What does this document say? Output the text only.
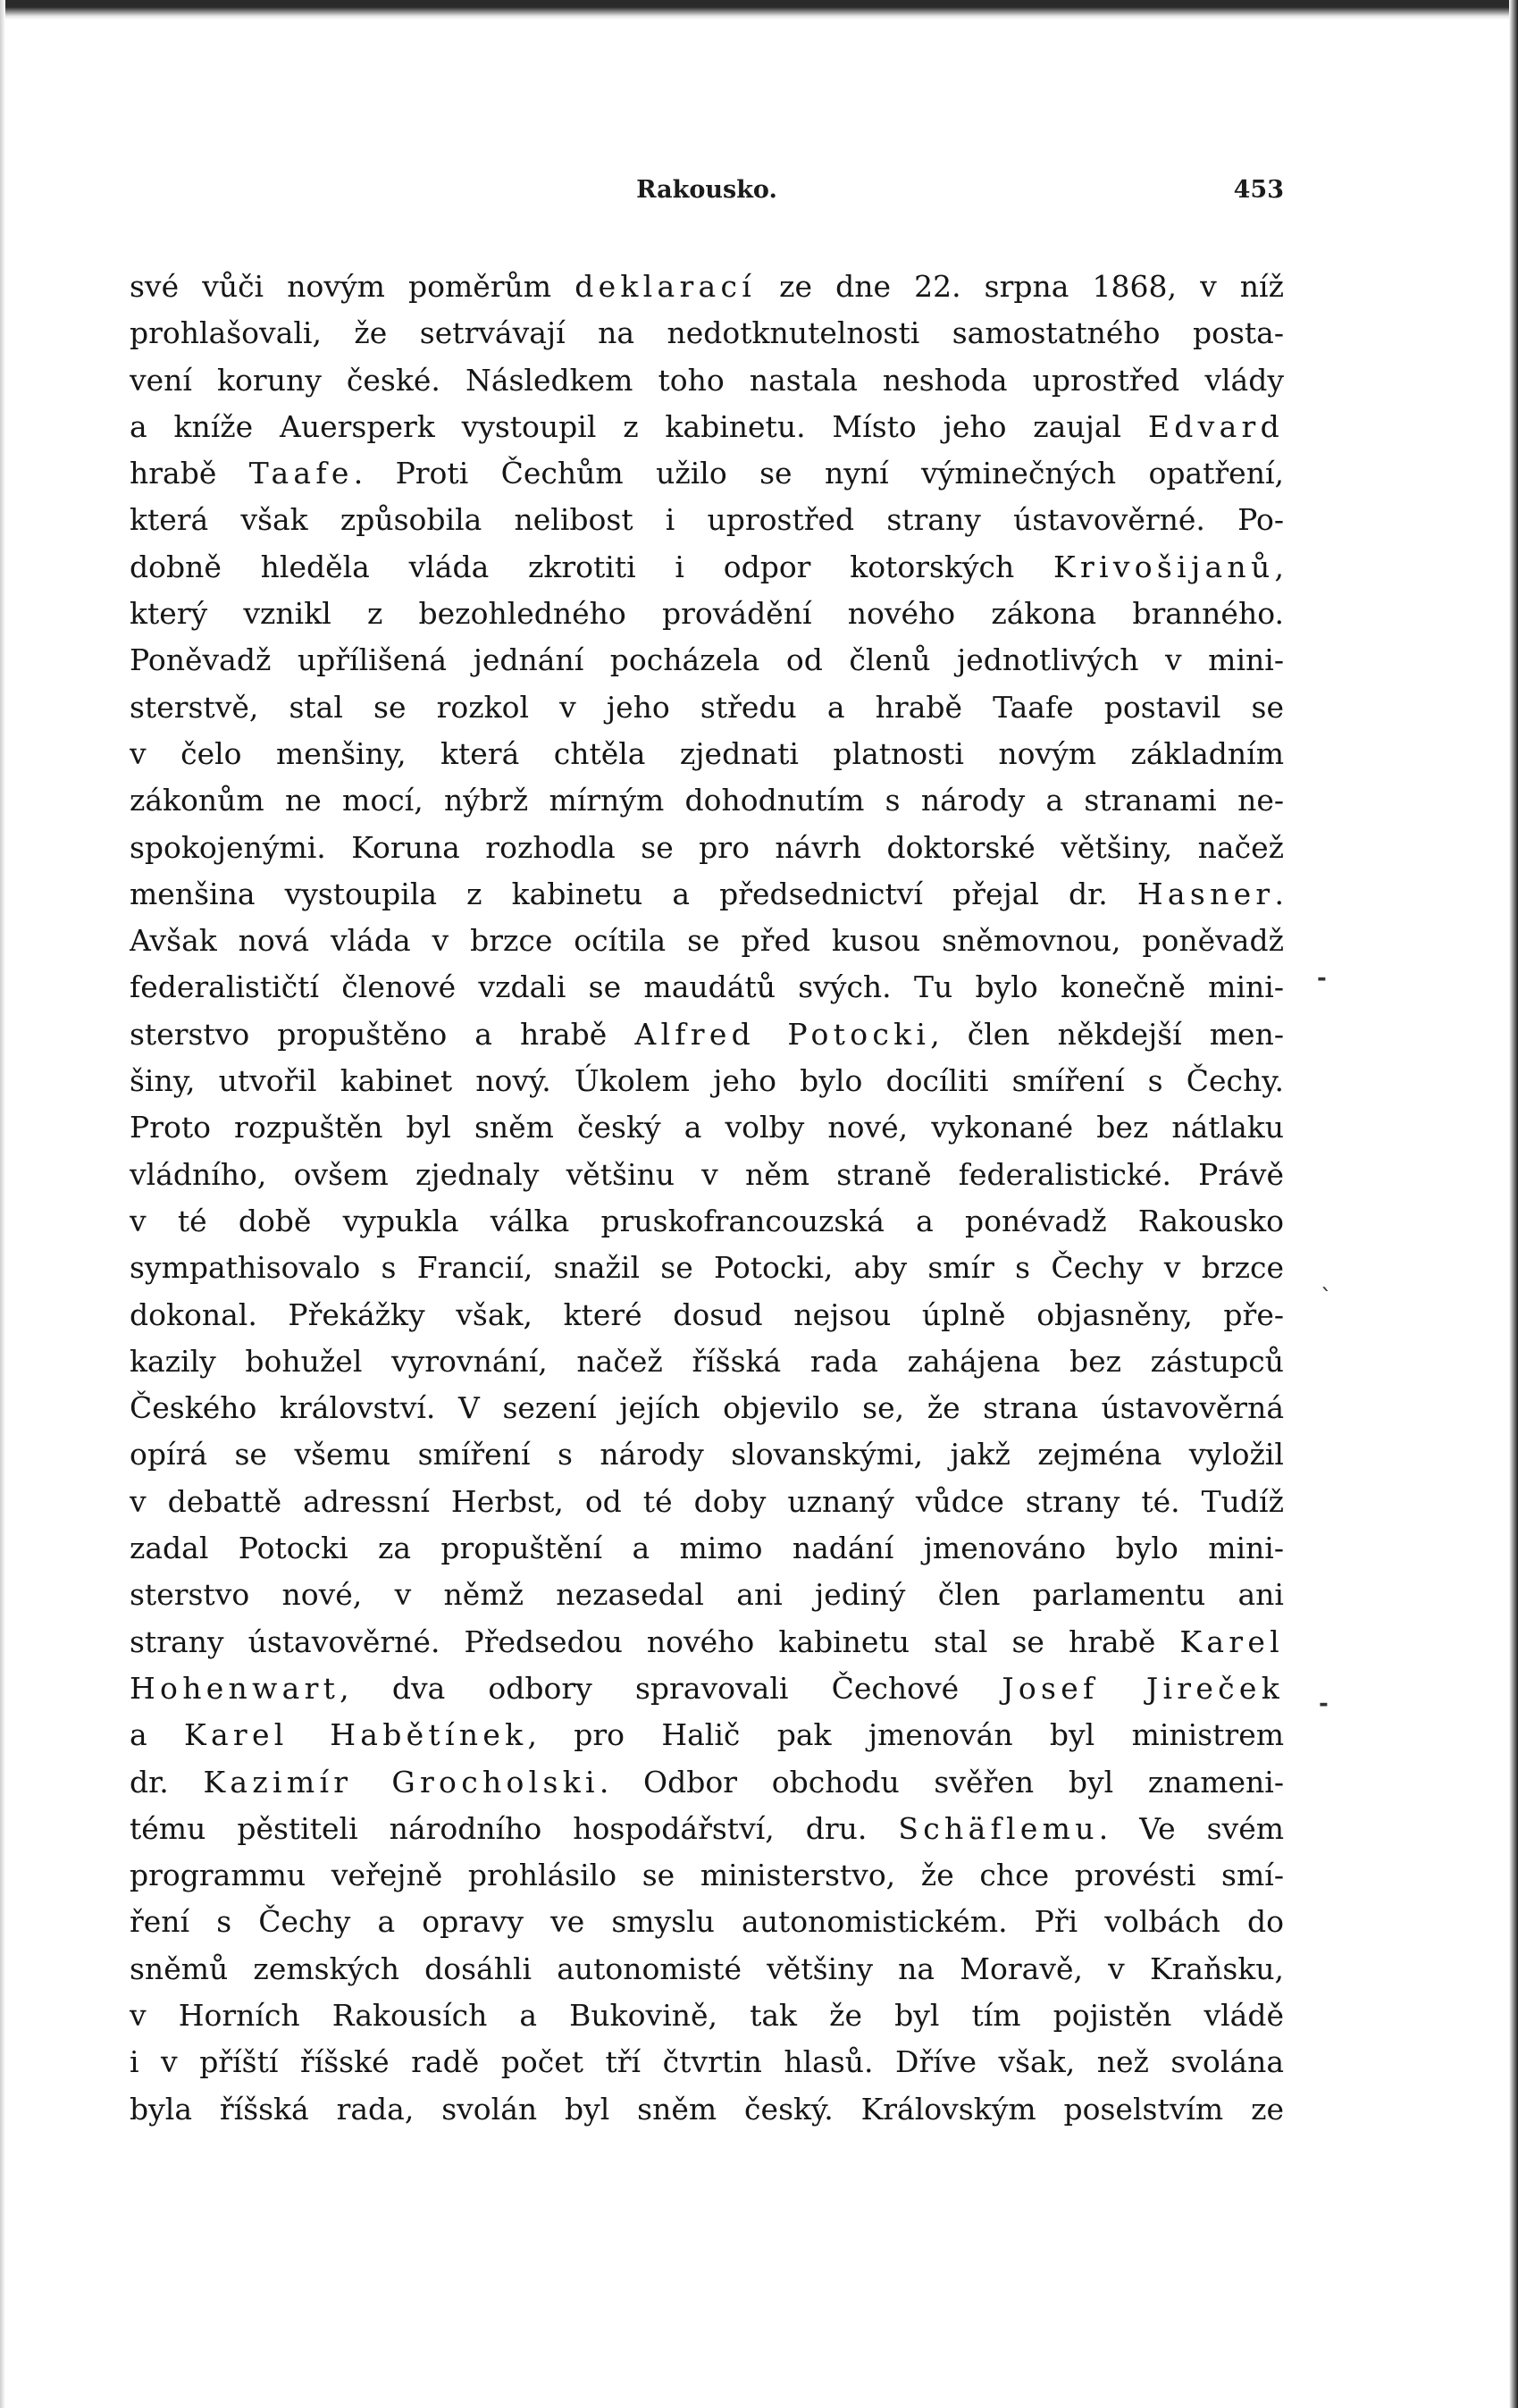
Rakousko.	453
své vůči novým poměrům deklarací ze dne 22. srpna 1868, v níž
prohlašovali, že setrvávají na nedotknutelnosti samostatného posta-
vení koruny české. Následkem toho nastala neshoda uprostřed vlády
a kníže Auersperk vystoupil z kabinetu. Místo jeho zaujal Edvard
hrabě Taafe. Proti Čechům užilo se nyní výminečných opatření,
která však způsobila nelibost i uprostřed strany ústavověrné. Po-
dobně hleděla vláda zkrotiti i odpor kotorských Krivošijanů,
který vznikl z bezohledného provádění nového zákona branného.
Poněvadž upřílišená jednání pocházela od členů jednotlivých v mini-
sterstvě, stal se rozkol v jeho středu a hrabě Taafe postavil se
v čelo menšiny, která chtěla zjednati platnosti novým základním
zákonům ne mocí, nýbrž mírným dohodnutím s národy a stranami ne-
spokojenými. Koruna rozhodla se pro návrh doktorské většiny, načež
menšina vystoupila z kabinetu a předsednictví přejal dr. Hasner.
Avšak nová vláda v brzce ocítila se před kusou sněmovnou, poněvadž
federalističtí členové vzdali se maudátů svých. Tu bylo konečně mini-
sterstvo propuštěno a hrabě Alfred Potocki, člen někdejší men-
šiny, utvořil kabinet nový. Úkolem jeho bylo docíliti smíření s Čechy.
Proto rozpuštěn byl sněm český a volby nové, vykonané bez nátlaku
vládního, ovšem zjednaly většinu v něm straně federalistické. Právě
v té době vypukla válka pruskofrancouzská a ponévadž Rakousko
sympathisovalo s Francií, snažil se Potocki, aby smír s Čechy v brzce
dokonal. Překážky však, které dosud nejsou úplně objasněny, pře-
kazily bohužel vyrovnání, načež říšská rada zahájena bez zástupců
Českého království. V sezení jejích objevilo se, že strana ústavověrná
opírá se všemu smíření s národy slovanskými, jakž zejména vyložil
v debattě adressní Herbst, od té doby uznaný vůdce strany té. Tudíž
zadal Potocki za propuštění a mimo nadání jmenováno bylo mini-
sterstvo nové, v němž nezasedal ani jediný člen parlamentu ani
strany ústavověrné. Předsedou nového kabinetu stal se hrabě Karel
Hohenwart, dva odbory spravovali Čechové Josef Jireček
a Karel Habětínek, pro Halič pak jmenován byl ministrem
dr. Kazimír Grocholski. Odbor obchodu svěřen byl znameni-
tému pěstiteli národního hospodářství, dru. Schäflemu. Ve svém
programmu veřejně prohlásilo se ministerstvo, že chce provésti smí-
ření s Čechy a opravy ve smyslu autonomistickém. Při volbách do
sněmů zemských dosáhli autonomisté většiny na Moravě, v Kraňsku,
v Horních Rakousích a Bukovině, tak že byl tím pojistěn vládě
i v příští říšské radě počet tří čtvrtin hlasů. Dříve však, než svolána
byla říšská rada, svolán byl sněm český. Královským poselstvím ze
-
`
-
